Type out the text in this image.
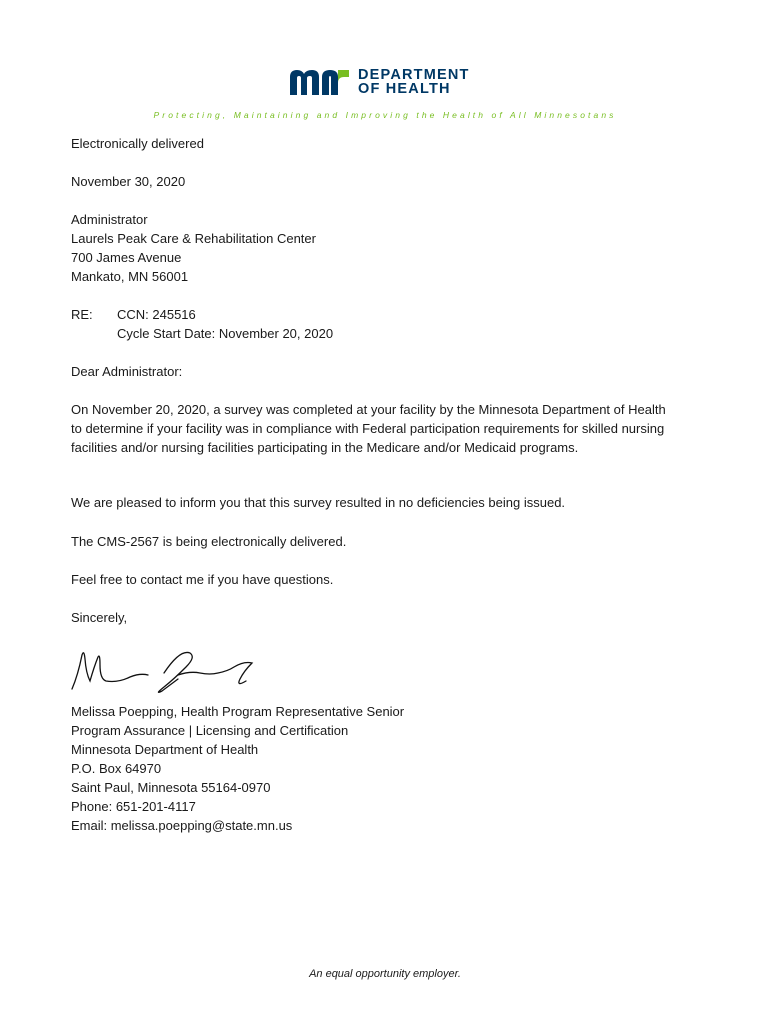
DEPARTMENT
OF HEALTH
Protecting, Maintaining and Improving the Health of All Minnesotans
Electronically delivered
November 30, 2020
Administrator
Laurels Peak Care & Rehabilitation Center
700 James Avenue
Mankato, MN 56001
RE: CCN: 245516
Cycle Start Date: November 20, 2020
Dear Administrator:
On November 20, 2020, a survey was completed at your facility by the Minnesota Department of Health to determine if your facility was in compliance with Federal participation requirements for skilled nursing facilities and/or nursing facilities participating in the Medicare and/or Medicaid programs.
We are pleased to inform you that this survey resulted in no deficiencies being issued.
The CMS-2567 is being electronically delivered.
Feel free to contact me if you have questions.
Sincerely,
Melissa Poepping, Health Program Representative Senior
Program Assurance | Licensing and Certification
Minnesota Department of Health
P.O. Box 64970
Saint Paul, Minnesota 55164-0970
Phone: 651-201-4117
Email: melissa.poepping@state.mn.us
An equal opportunity employer.
